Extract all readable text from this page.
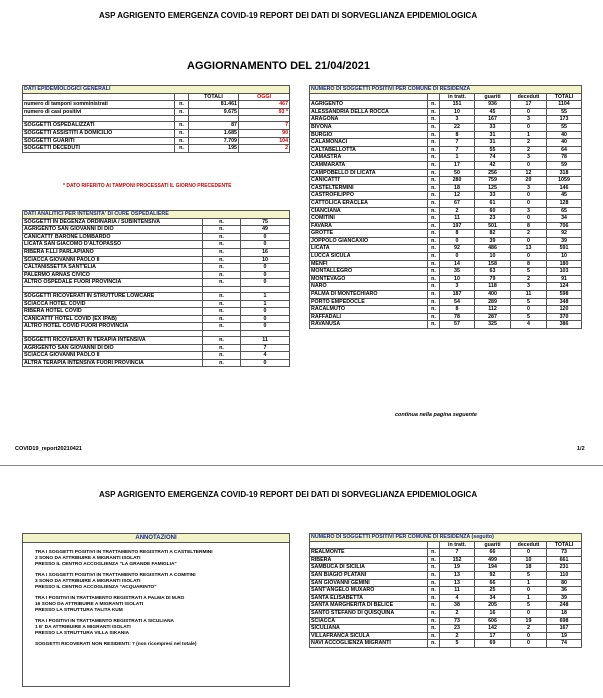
ASP AGRIGENTO EMERGENZA COVID-19 REPORT DEI DATI DI SORVEGLIANZA EPIDEMIOLOGICA
AGGIORNAMENTO DEL 21/04/2021
DATI EPIDEMIOLOGICI GENERALI			
		TOTALI	OGGI
numero di tamponi somministrati	n.	81.461	467
numero di casi positivi	n.	9.675	93 *

SOGGETTI OSPEDALIZZATI	n.	87	7
SOGGETTI ASSISTITI A DOMICILIO	n.	1.685	90
SOGGETTI GUARITI	n.	7.709	104
SOGGETTI DECEDUTI	n.	195	2
* DATO RIFERITO AI TAMPONI PROCESSATI IL GIORNO PRECEDENTE
DATI ANALITICI PER INTENSITA' DI CURE OSPEDALIERE		
SOGGETTI IN DEGENZA ORDINARIA / SUBINTENSIVA	n.	75
AGRIGENTO SAN GIOVANNI DI DIO	n.	49
CANICATTI' BARONE LOMBARDO	n.	0
LICATA SAN GIACOMO D'ALTOPASSO	n.	0
RIBERA F.LLI PARLAPIANO	n.	16
SCIACCA GIOVANNI PAOLO II	n.	10
CALTANISSETTA SANT'ELIA	n.	0
PALERMO ARNAS CIVICO	n.	0
ALTRO OSPEDALE FUORI PROVINCIA	n.	0

SOGGETTI RICOVERATI IN STRUTTURE LOWCARE	n.	1
SCIACCA HOTEL COVID	n.	1
RIBERA HOTEL COVID	n.	0
CANICATTI' HOTEL COVID (EX IPAB)	n.	0
ALTRO HOTEL COVID FUORI PROVINCIA	n.	0

SOGGETTI RICOVERATI IN TERAPIA INTENSIVA	n.	11
AGRIGENTO SAN GIOVANNI DI DIO	n.	7
SCIACCA GIOVANNI PAOLO II	n.	4
ALTRA TERAPIA INTENSIVA FUORI PROVINCIA	n.	0
NUMERO DI SOGGETTI POSITIVI PER COMUNE DI RESIDENZA					
		in tratt.	guariti	deceduti	TOTALI
AGRIGENTO	n.	151	936	17	1104
ALESSANDRIA DELLA ROCCA	n.	10	45	0	55
ARAGONA	n.	3	167	3	173
BIVONA	n.	22	33	0	55
BURGIO	n.	8	31	1	40
CALAMONACI	n.	7	31	2	40
CALTABELLOTTA	n.	7	55	2	64
CAMASTRA	n.	1	74	3	78
CAMMARATA	n.	17	42	0	59
CAMPOBELLO DI LICATA	n.	50	256	12	318
CANICATTI'	n.	280	759	20	1059
CASTELTERMINI	n.	18	125	3	146
CASTROFILIPPO	n.	12	33	0	45
CATTOLICA ERACLEA	n.	67	61	0	128
CIANCIANA	n.	2	60	3	65
COMITINI	n.	11	23	0	34
FAVARA	n.	197	501	8	706
GROTTE	n.	8	82	2	92
JOPPOLO GIANCAXIO	n.	0	39	0	39
LICATA	n.	92	486	13	591
LUCCA SICULA	n.	0	10	0	10
MENFI	n.	14	158	8	180
MONTALLEGRO	n.	35	63	5	103
MONTEVAGO	n.	10	79	2	91
NARO	n.	3	118	3	124
PALMA DI MONTECHIARO	n.	187	400	11	598
PORTO EMPEDOCLE	n.	54	289	5	348
RACALMUTO	n.	8	112	0	120
RAFFADALI	n.	78	287	5	370
RAVANUSA	n.	57	325	4	386
continua nella pagina seguente
COVID19_report20210421	1/2
ASP AGRIGENTO EMERGENZA COVID-19 REPORT DEI DATI DI SORVEGLIANZA EPIDEMIOLOGICA
ANNOTAZIONI
TRA I SOGGETTI POSITIVI IN TRATTAMENTO REGISTRATI A CASTELTERMINI
2 SONO DA ATTRIBUIRE A MIGRANTI ISOLATI
PRESSO IL CENTRO ACCOGLIENZA "LA GRANDE FAMIGLIA"
TRA I SOGGETTI POSITIVI IN TRATTAMENTO REGISTRATI A COMITINI
3 SONO DA ATTRIBUIRE A MIGRANTI ISOLATI
PRESSO IL CENTRO ACCOGLIENZA "ACQUARINTO"
TRA I POSITIVI IN TRATTAMENTO REGISTRATI A PALMA DI M.RO
16 SONO DA ATTRIBUIRE A MIGRANTI ISOLATI
PRESSO LA STRUTTURA TALITA KUM
TRA I POSITIVI IN TRATTAMENTO REGISTRATI A SICULIANA
1 E' DA ATTRIBUIRE A MIGRANTI ISOLATI
PRESSO LA STRUTTURA VILLA SIKANIA
SOGGETTI RICOVERATI NON RESIDENTI: 7 (non ricompresi nel totale)
NUMERO DI SOGGETTI POSITIVI PER COMUNE DI RESIDENZA (seguito)					
		in tratt.	guariti	deceduti	TOTALI
REALMONTE	n.	7	66	0	73
RIBERA	n.	152	499	10	661
SAMBUCA DI SICILIA	n.	19	194	18	231
SAN BIAGIO PLATANI	n.	13	92	5	110
SAN GIOVANNI GEMINI	n.	13	66	1	80
SANT'ANGELO MUXARO	n.	11	25	0	36
SANTA ELISABETTA	n.	4	34	1	39
SANTA MARGHERITA DI BELICE	n.	38	205	5	248
SANTO STEFANO DI QUISQUINA	n.	2	16	0	18
SCIACCA	n.	73	606	19	698
SICULIANA	n.	23	142	2	167
VILLAFRANCA SICULA	n.	2	17	0	19
NAVI ACCOGLIENZA MIGRANTI	n.	5	69	0	74
